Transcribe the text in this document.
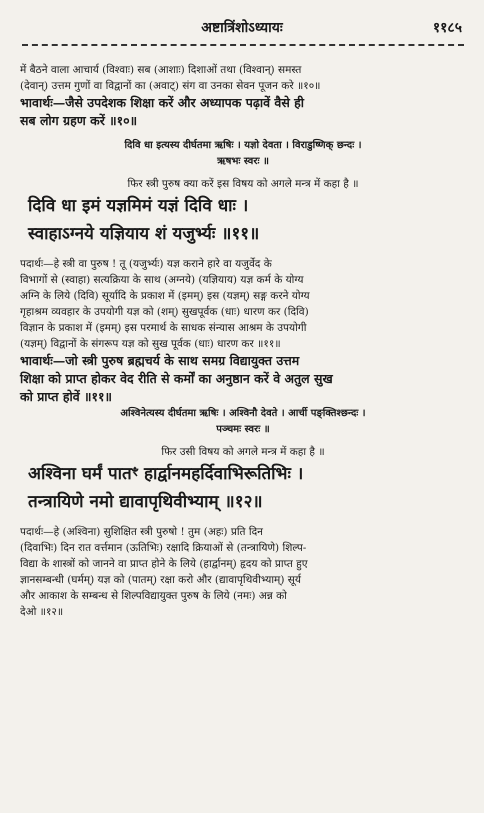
अष्टात्रिंशोऽध्यायः	११८५

में बैठने वाला आचार्य (विश्वाः) सब (आशाः) दिशाओं तथा (विश्वान्) समस्त

(देवान्) उत्तम गुणों वा विद्वानों का (अवाट्) संग वा उनका सेवन पूजन करे ॥१०॥

भावार्थः—जैसे उपदेशक शिक्षा करें और अध्यापक पढ़ावें वैसे ही

सब लोग ग्रहण करें ॥१०॥

दिवि धा इत्यस्य दीर्घतमा ऋषिः । यज्ञो देवता । विराडुष्णिक् छन्दः ।

ऋषभः स्वरः ॥

फिर स्त्री पुरुष क्या करें इस विषय को अगले मन्त्र में कहा है ॥

दिवि धा इमं यज्ञमिमं यज्ञं दिवि धाः ।

स्वाहाऽग्नये यज्ञियाय शं यजुर्भ्यः ॥११॥

पदार्थः—हे स्त्री वा पुरुष ! तू (यजुर्भ्यः) यज्ञ कराने हारे वा यजुर्वेद के

विभागों से (स्वाहा) सत्यक्रिया के साथ (अग्नये) (यज्ञियाय) यज्ञ कर्म के योग्य

अग्नि के लिये (दिवि) सूर्यादि के प्रकाश में (इमम्) इस (यज्ञम्) सङ्ग करने योग्य

गृहाश्रम व्यवहार के उपयोगी यज्ञ को (शम्) सुखपूर्वक (धाः) धारण कर (दिवि)

विज्ञान के प्रकाश में (इमम्) इस परमार्थ के साधक संन्यास आश्रम के उपयोगी

(यज्ञम्) विद्वानों के संगरूप यज्ञ को सुख पूर्वक (धाः) धारण कर ॥११॥

भावार्थः—जो स्त्री पुरुष ब्रह्मचर्य के साथ समग्र विद्यायुक्त उत्तम

शिक्षा को प्राप्त होकर वेद रीति से कर्मों का अनुष्ठान करें वे अतुल सुख

को प्राप्त होवें ॥११॥

अश्विनेत्यस्य दीर्घतमा ऋषिः । अश्विनौ देवते । आर्ची पङ्क्तिश्छन्दः ।

पञ्चमः स्वरः ॥

फिर उसी विषय को अगले मन्त्र में कहा है ॥

अश्विना घर्मं पातꣳ हार्द्वानमहर्दिवाभिरूतिभिः ।

तन्त्रायिणे नमो द्यावापृथिवीभ्याम् ॥१२॥

पदार्थः—हे (अश्विना) सुशिक्षित स्त्री पुरुषो ! तुम (अहः) प्रति दिन

(दिवाभिः) दिन रात वर्त्तमान (ऊतिभिः) रक्षादि क्रियाओं से (तन्त्रायिणे) शिल्प-

विद्या के शास्त्रों को जानने वा प्राप्त होने के लिये (हार्द्वानम्) हृदय को प्राप्त हुए

ज्ञानसम्बन्धी (घर्मम्) यज्ञ को (पातम्) रक्षा करो और (द्यावापृथिवीभ्याम्) सूर्य

और आकाश के सम्बन्ध से शिल्पविद्यायुक्त पुरुष के लिये (नमः) अन्न को

देओ ॥१२॥
